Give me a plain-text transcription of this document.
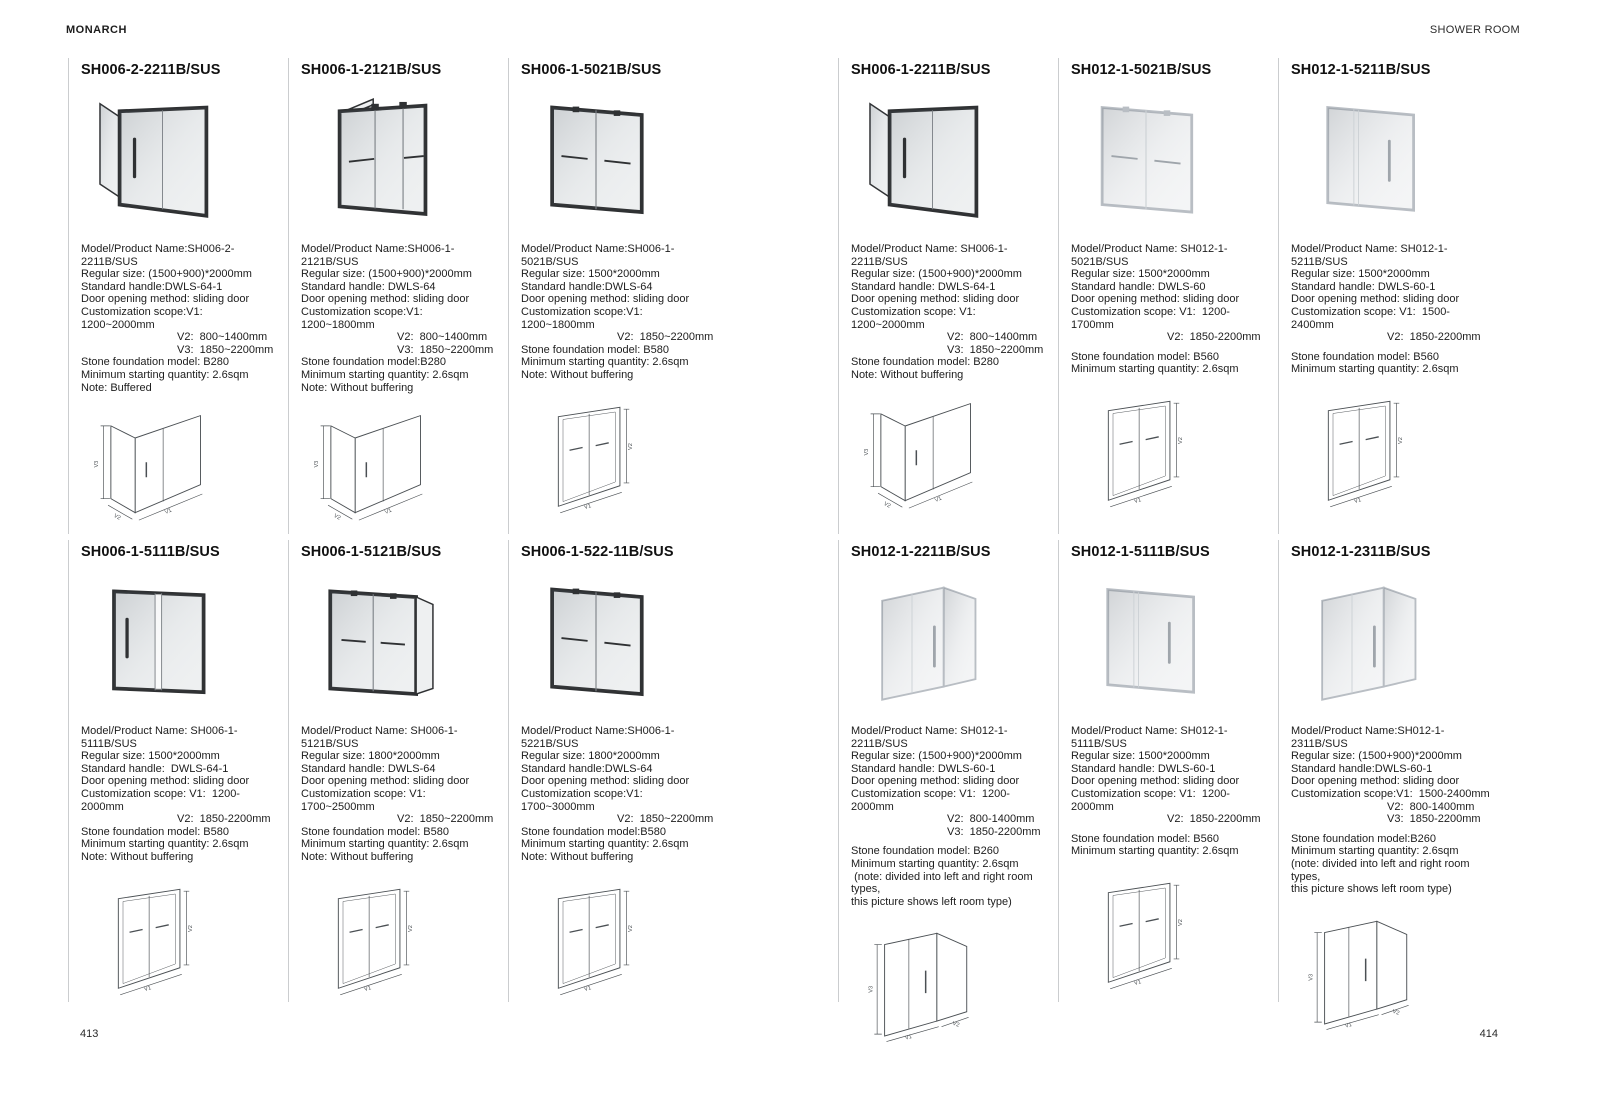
MONARCH	SHOWER ROOM
SH006-2-2211B/SUS
Model/Product Name:SH006-2-2211B/SUS
Regular size: (1500+900)*2000mm
Standard handle:DWLS-64-1
Door opening method: sliding door
Customization scope:V1:  1200~2000mm
V2:  800~1400mm
V3:  1850~2200mm
Stone foundation model: B280
Minimum starting quantity: 2.6sqm
Note: Buffered
V3
V2
V1
SH006-1-2121B/SUS
Model/Product Name:SH006-1-2121B/SUS
Regular size: (1500+900)*2000mm
Standard handle: DWLS-64
Door opening method: sliding door
Customization scope:V1:  1200~1800mm
V2:  800~1400mm
V3:  1850~2200mm
Stone foundation model:B280
Minimum starting quantity: 2.6sqm
Note: Without buffering
V3
V2
V1
SH006-1-5021B/SUS
Model/Product Name:SH006-1-5021B/SUS
Regular size: 1500*2000mm
Standard handle:DWLS-64
Door opening method: sliding door
Customization scope:V1:  1200~1800mm
V2:  1850~2200mm
Stone foundation model: B580
Minimum starting quantity: 2.6sqm
Note: Without buffering
V2
V1
SH006-1-5111B/SUS
Model/Product Name: SH006-1-5111B/SUS
Regular size: 1500*2000mm
Standard handle:  DWLS-64-1
Door opening method: sliding door
Customization scope: V1:  1200-2000mm
V2:  1850-2200mm
Stone foundation model: B580
Minimum starting quantity: 2.6sqm
Note: Without buffering
V2
V1
SH006-1-5121B/SUS
Model/Product Name: SH006-1-5121B/SUS
Regular size: 1800*2000mm
Standard handle: DWLS-64
Door opening method: sliding door
Customization scope: V1:  1700~2500mm
V2:  1850~2200mm
Stone foundation model: B580
Minimum starting quantity: 2.6sqm
Note: Without buffering
V2
V1
SH006-1-522-11B/SUS
Model/Product Name:SH006-1-5221B/SUS
Regular size: 1800*2000mm
Standard handle:DWLS-64
Door opening method: sliding door
Customization scope:V1:  1700~3000mm
V2:  1850~2200mm
Stone foundation model:B580
Minimum starting quantity: 2.6sqm
Note: Without buffering
V2
V1
SH006-1-2211B/SUS
Model/Product Name: SH006-1-2211B/SUS
Regular size: (1500+900)*2000mm
Standard handle: DWLS-64-1
Door opening method: sliding door
Customization scope: V1:  1200~2000mm
V2:  800~1400mm
V3:  1850~2200mm
Stone foundation model: B280
Note: Without buffering
V3
V2
V1
SH012-1-5021B/SUS
Model/Product Name: SH012-1-5021B/SUS
Regular size: 1500*2000mm
Standard handle: DWLS-60
Door opening method: sliding door
Customization scope: V1:  1200-1700mm
V2:  1850-2200mm
Stone foundation model: B560
Minimum starting quantity: 2.6sqm
V2
V1
SH012-1-5211B/SUS
Model/Product Name: SH012-1-5211B/SUS
Regular size: 1500*2000mm
Standard handle: DWLS-60-1
Door opening method: sliding door
Customization scope: V1:  1500-2400mm
V2:  1850-2200mm
Stone foundation model: B560
Minimum starting quantity: 2.6sqm
V2
V1
SH012-1-2211B/SUS
Model/Product Name: SH012-1-2211B/SUS
Regular size: (1500+900)*2000mm
Standard handle: DWLS-60-1
Door opening method: sliding door
Customization scope: V1:  1200-2000mm
V2:  800-1400mm
V3:  1850-2200mm
Stone foundation model: B260
Minimum starting quantity: 2.6sqm
(note: divided into left and right room types,
this picture shows left room type)
V3
V1
V2
SH012-1-5111B/SUS
Model/Product Name: SH012-1-5111B/SUS
Regular size: 1500*2000mm
Standard handle: DWLS-60-1
Door opening method: sliding door
Customization scope: V1:  1200-2000mm
V2:  1850-2200mm
Stone foundation model: B560
Minimum starting quantity: 2.6sqm
V2
V1
SH012-1-2311B/SUS
Model/Product Name:SH012-1-2311B/SUS
Regular size: (1500+900)*2000mm
Standard handle:DWLS-60-1
Door opening method: sliding door
Customization scope:V1:  1500-2400mm
V2:  800-1400mm
V3:  1850-2200mm
Stone foundation model:B260
Minimum starting quantity: 2.6sqm
(note: divided into left and right room types,
this picture shows left room type)
V3
V1
V2
413	414
